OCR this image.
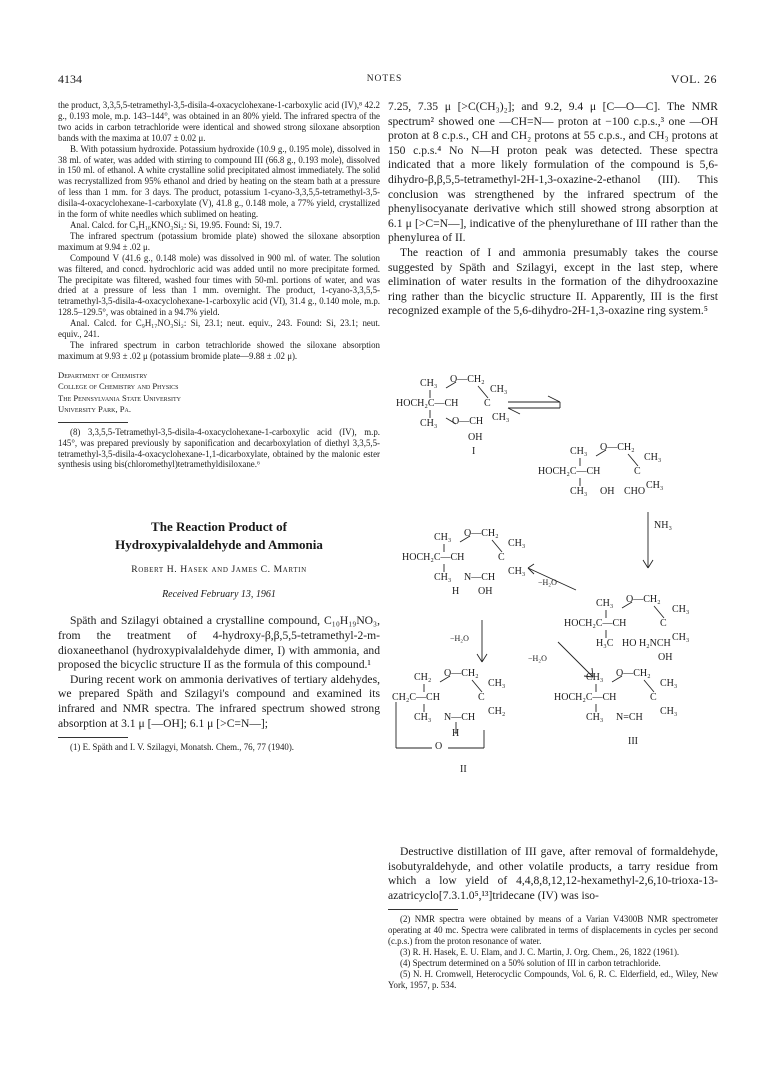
4134	NOTES	VOL. 26

the product, 3,3,5,5-tetramethyl-3,5-disila-4-oxacyclohexane-1-carboxylic acid (IV),⁸ 42.2 g., 0.193 mole, m.p. 143–144°, was obtained in an 80% yield. The infrared spectra of the two acids in carbon tetrachloride were identical and showed strong siloxane absorption bands with the maxima at 10.07 ± 0.02 μ.

B. With potassium hydroxide. Potassium hydroxide (10.9 g., 0.195 mole), dissolved in 38 ml. of water, was added with stirring to compound III (66.8 g., 0.193 mole), dissolved in 150 ml. of ethanol. A white crystalline solid precipitated almost immediately. The solid was recrystallized from 95% ethanol and dried by heating on the steam bath at a pressure of less than 1 mm. for 3 days. The product, potassium 1-cyano-3,3,5,5-tetramethyl-3,5-disila-4-oxacyclohexane-1-carboxylate (V), 41.8 g., 0.148 mole, a 77% yield, crystallized in the form of white needles which sublimed on heating.

Anal. Calcd. for C₉H₁₆KNO₃Si₂: Si, 19.95. Found: Si, 19.7.

The infrared spectrum (potassium bromide plate) showed the siloxane absorption maximum at 9.94 ± .02 μ.

Compound V (41.6 g., 0.148 mole) was dissolved in 900 ml. of water. The solution was filtered, and concd. hydrochloric acid was added until no more precipitate formed. The precipitate was filtered, washed four times with 50-ml. portions of water, and was dried at a pressure of less than 1 mm. overnight. The product, 1-cyano-3,3,5,5-tetramethyl-3,5-disila-4-oxacyclohexane-1-carboxylic acid (VI), 31.4 g., 0.140 mole, m.p. 128.5–129.5°, was obtained in a 94.7% yield.

Anal. Calcd. for C₉H₁₇NO₃Si₂: Si, 23.1; neut. equiv., 243. Found: Si, 23.1; neut. equiv., 241.

The infrared spectrum in carbon tetrachloride showed the siloxane absorption maximum at 9.93 ± .02 μ (potassium bromide plate—9.88 ± .02 μ).

Department of Chemistry

College of Chemistry and Physics

The Pennsylvania State University

University Park, Pa.

(8) 3,3,5,5-Tetramethyl-3,5-disila-4-oxacyclohexane-1-carboxylic acid (IV), m.p. 145°, was prepared previously by saponification and decarboxylation of diethyl 3,3,5,5-tetramethyl-3,5-disila-4-oxacyclohexane-1,1-dicarboxylate, obtained by the malonic ester synthesis using bis(chloromethyl)tetramethyldisiloxane.⁶

The Reaction Product of

Hydroxypivalaldehyde and Ammonia

Robert H. Hasek and James C. Martin

Received February 13, 1961

Späth and Szilagyi obtained a crystalline compound, C₁₀H₁₉NO₃, from the treatment of 4-hydroxy-β,β,5,5-tetramethyl-2-m-dioxaneethanol (hydroxypivalaldehyde dimer, I) with ammonia, and proposed the bicyclic structure II as the formula of this compound.¹

During recent work on ammonia derivatives of tertiary aldehydes, we prepared Späth and Szilagyi's compound and examined its infrared and NMR spectra. The infrared spectrum showed strong absorption at 3.1 μ [—OH]; 6.1 μ [>C=N—];

(1) E. Späth and I. V. Szilagyi, Monatsh. Chem., 76, 77 (1940).

7.25, 7.35 μ [>C(CH₃)₂]; and 9.2, 9.4 μ [C—O—C]. The NMR spectrum² showed one —CH=N— proton at −100 c.p.s.,³ one —OH proton at 8 c.p.s., CH and CH₂ protons at 55 c.p.s., and CH₃ protons at 150 c.p.s.⁴ No N—H proton peak was detected. These spectra indicated that a more likely formulation of the compound is 5,6-dihydro-β,β,5,5-tetramethyl-2H-1,3-oxazine-2-ethanol (III). This conclusion was strengthened by the infrared spectrum of the phenylisocyanate derivative which still showed strong absorption at 6.1 μ [>C=N—], indicative of the phenylurethane of III rather than the phenylurea of II.

The reaction of I and ammonia presumably takes the course suggested by Späth and Szilagyi, except in the last step, where elimination of water results in the formation of the dihydrooxazine ring rather than the bicyclic structure II. Apparently, III is the first recognized example of the 5,6-dihydro-2H-1,3-oxazine ring system.⁵

CH₃ O—CH₂
CH₃
HOCH₂C—CH	C
CH₃
CH₃ O—CH
OH
I	CH₃ O—CH₂
CH₃
HOCH₂C—CH	C
CH₃
CH₃ OH CHO
NH₃
CH₃ O—CH₂
CH₃
HOCH₂C—CH	C
CH₃
CH₃ N—CH
H OH
−H₂O
CH₃ O—CH₂
CH₃
HOCH₂C—CH	C
CH₃
H₃C HO H₂NCH
OH
−H₂O
−H₂O
CH₂ O—CH₂
CH₃
CH₂C—CH	C
CH₂
CH₃ N—CH
H
O
II
CH₃ O—CH₂
CH₃
HOCH₂C—CH	C
CH₃
CH₃ N=CH
III

Destructive distillation of III gave, after removal of formaldehyde, isobutyraldehyde, and other volatile products, a tarry residue from which a low yield of 4,4,8,8,12,12-hexamethyl-2,6,10-trioxa-13-azatricyclo[7.3.1.0⁵,¹³]tridecane (IV) was iso-

(2) NMR spectra were obtained by means of a Varian V4300B NMR spectrometer operating at 40 mc. Spectra were calibrated in terms of displacements in cycles per second (c.p.s.) from the proton resonance of water.

(3) R. H. Hasek, E. U. Elam, and J. C. Martin, J. Org. Chem., 26, 1822 (1961).

(4) Spectrum determined on a 50% solution of III in carbon tetrachloride.

(5) N. H. Cromwell, Heterocyclic Compounds, Vol. 6, R. C. Elderfield, ed., Wiley, New York, 1957, p. 534.
